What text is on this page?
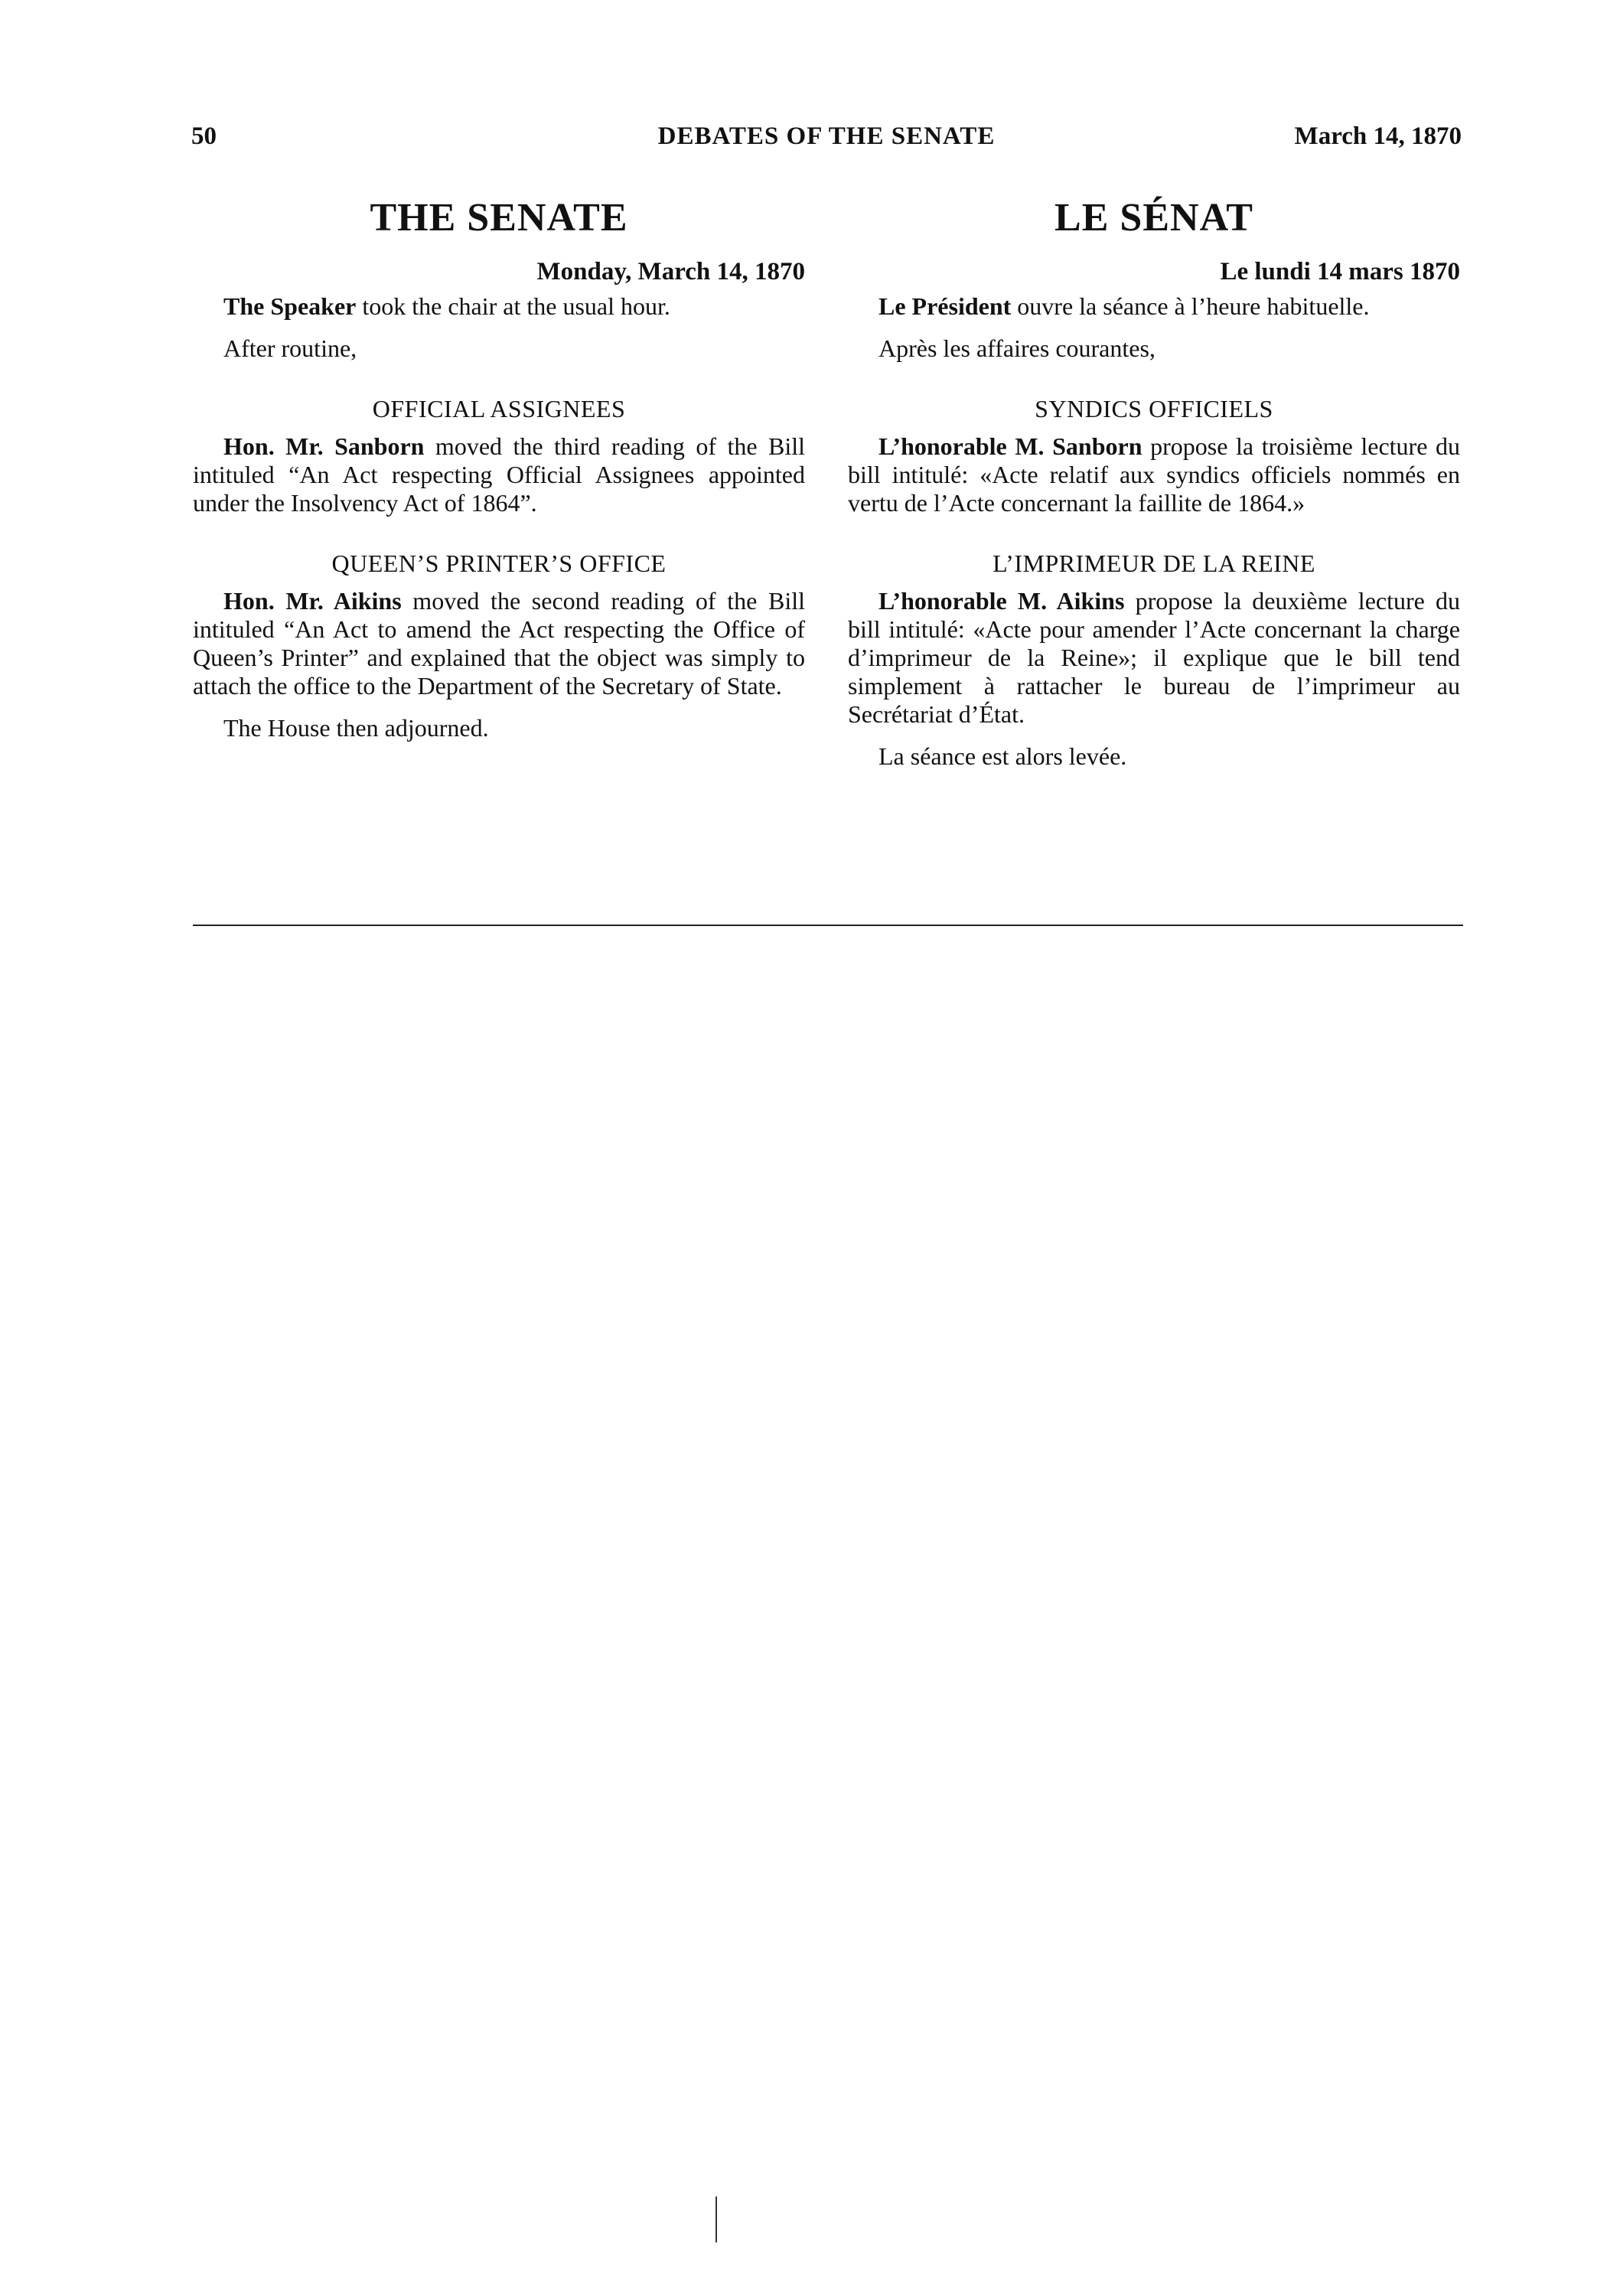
50	DEBATES OF THE SENATE	March 14, 1870
THE SENATE
Monday, March 14, 1870

The Speaker took the chair at the usual hour.

After routine,

OFFICIAL ASSIGNEES

Hon. Mr. Sanborn moved the third reading of the Bill intituled “An Act respecting Official Assignees appointed under the Insolvency Act of 1864”.

QUEEN’S PRINTER’S OFFICE

Hon. Mr. Aikins moved the second reading of the Bill intituled “An Act to amend the Act respecting the Office of Queen’s Printer” and explained that the object was simply to attach the office to the Department of the Secretary of State.

The House then adjourned.

LE SÉNAT
Le lundi 14 mars 1870

Le Président ouvre la séance à l’heure habituelle.

Après les affaires courantes,

SYNDICS OFFICIELS

L’honorable M. Sanborn propose la troisième lecture du bill intitulé: «Acte relatif aux syndics officiels nommés en vertu de l’Acte concernant la faillite de 1864.»

L’IMPRIMEUR DE LA REINE

L’honorable M. Aikins propose la deuxième lecture du bill intitulé: «Acte pour amender l’Acte concernant la charge d’imprimeur de la Reine»; il explique que le bill tend simplement à rattacher le bureau de l’imprimeur au Secrétariat d’État.

La séance est alors levée.
